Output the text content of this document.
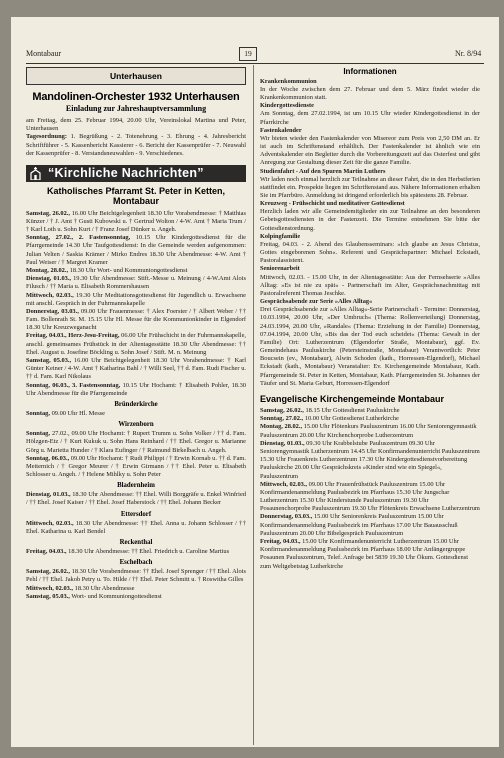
Montabaur	19	Nr. 8/94
Unterhausen
Mandolinen-Orchester 1932 Unterhausen
Einladung zur Jahreshauptversammlung

am Freitag, dem 25. Februar 1994, 20.00 Uhr, Vereinslokal Martina und Peter, Unterhausen
Tagesordnung: 1. Begrüßung - 2. Totenehrung - 3. Ehrung - 4. Jahresbericht Schriftführer - 5. Kassenbericht Kassierer - 6. Bericht der Kassenprüfer - 7. Neuwahl der Kassenprüfer - 8. Verstandsneuwahlen - 9. Verschiedenes.

“Kirchliche Nachrichten”
Katholisches Pfarramt St. Peter in Ketten, Montabaur

Samstag, 26.02., 16.00 Uhr Beichtgelegenheit 18.30 Uhr Vorabendmesse: † Matthias Künzer / † J. Amt † Gusti Kubowski u. † Gertrud Wolton / 4-W. Amt † Maria Trum / † Karl Loth u. Sohn Kurt / † Franz Josef Dünker u. Angeh.

Sonntag, 27.02., 2. Fastensonntag, 10.15 Uhr Kindergottesdienst für die Pfarrgemeinde 14.30 Uhr Taufgottesdienst: In die Gemeinde werden aufgenommen: Julian Velten / Saskia Krämer / Mirko Endres 18.30 Uhr Abendmesse: 4-W. Amt † Paul Weiser / † Margret Kramer

Montag, 28.02., 18.30 Uhr Wort- und Kommuniongottesdienst

Dienstag, 01.03., 19.30 Uhr Abendmesse: Stift.-Messe u. Meinung / 4-W.Amt Alois Filusch / †† Maria u. Elisabeth Rommershausen

Mittwoch, 02.03., 19.30 Uhr Meditationsgottesdienst für Jugendlich u. Erwachsene mit anschl. Gespräch in der Fuhrmannskapelle

Donnerstag, 03.03., 09.00 Uhr Frauenmesse: † Alex Foerster / † Albert Weber / †† Fam. Bollenrath St. M. 15.15 Uhr Hl. Messe für die Kommunionkinder in Elgendorf 18.30 Uhr Kreuzweganacht

Freitag, 04.03., Herz-Jesu-Freitag, 06.00 Uhr Frühschicht in der Fuhrmannskapelle, anschl. gemeinsames Frühstück in der Altentagesstätte 18.30 Uhr Abendmesse: †† Ehel. August u. Josefine Böckling u. Sohn Josef / Stift. M. n. Meinung

Samstag, 05.03., 16.00 Uhr Beichtgelegenheit 18.30 Uhr Vorabendmesse: † Karl Günter Keiner / 4-W. Amt † Katharina Bahl / † Willi Seel, †† d. Fam. Rudi Fischer u. †† d. Fam. Karl Nikolaus

Sonntag, 06.03., 3. Fastensonntag, 10.15 Uhr Hochamt: † Elisabeth Pohler, 18.30 Uhr Abendmesse für die Pfarrgemeinde

Bründerkirche

Sonntag, 09.00 Uhr Hl. Messe

Wirzenborn

Sonntag, 27.02., 09.00 Uhr Hochamt: † Rupert Trumm u. Sohn Volker / †† d. Fam. Hölzgen-Etz / † Kurt Kukuk u. Sohn Hans Reinhard / †† Ehel. Gregor u. Marianne Görg u. Marietta Hunder / † Klara Eufinger / † Raimund Birkelbach u. Angeh.

Sonntag, 06.03., 09.00 Uhr Hochamt: † Rudi Philippi / † Erwin Kornab u. †† d. Fam. Metternich / † Gregor Meurer / † Erwin Girmann / †† Ehel. Peter u. Elisabeth Schlosser u. Angeh. / † Helene Mihlky u. Sohn Peter

Bladernheim

Dienstag, 01.03., 18.30 Uhr Abendmesse: †† Ehel. Willi Borggräfe u. Enkel Winfried / †† Ehel. Josef Kaiser / †† Ehel. Josef Haberstock / †† Ehel. Johann Becker

Ettersdorf

Mittwoch, 02.03., 18.30 Uhr Abendmesse: †† Ehel. Anna u. Johann Schlosser / †† Ehel. Katharina u. Karl Bendel

Reckenthal

Freitag, 04.03., 18.30 Uhr Abendmesse: †† Ehel. Friedrich u. Caroline Martius

Eschelbach

Samstag, 26.02., 18.30 Uhr Vorabendmesse: †† Ehel. Josef Sprenger / †† Ehel. Alois Pehl / †† Ehel. Jakob Petry u. To. Hilde / †† Ehel. Peter Schmitt u. † Roswitha Gilles

Mittwoch, 02.03., 18.30 Uhr Abendmesse

Samstag, 05.03., Wort- und Kommuniongottesdienst

Informationen
Krankenkommunion

In der Woche zwischen dem 27. Februar und dem 5. März findet wieder die Krankenkommunion statt.

Kindergottesdienste

Am Sonntag, dem 27.02.1994, ist um 10.15 Uhr wieder Kindergottesdienst in der Pfarrkirche

Fastenkalender

Wir bieten wieder den Fastenkalender von Misereor zum Preis von 2,50 DM an. Er ist auch im Schriftenstand erhältlich. Der Fastenkalender ist ähnlich wie ein Adventskalender ein Begleiter durch die Vorbereitungszeit auf das Osterfest und gibt Anregung zur Gestaltung dieser Zeit für die ganze Familie.

Studienfahrt - Auf den Spuren Martin Luthers

Wir laden noch einmal herzlich zur Teilnahme an dieser Fahrt, die in den Herbstferien stattfindet ein. Prospekte liegen im Schriftenstand aus. Nähere Informationen erhalten Sie im Pfarrbüro. Anmeldung ist dringend erforderlich bis spätestens 28. Februar.

Kreuzweg - Frühschicht und meditativer Gottesdienst

Herzlich laden wir alle Gemeindemitglieder ein zur Teilnahme an den besonderen Gebetsgottesdiensten in der Fastenzeit. Die Termine entnehmen Sie bitte der Gottesdienstordnung.

Kolpingfamilie

Freitag, 04.03. - 2. Abend des Glaubensseminars: »Ich glaube an Jesus Christus, Gottes eingeborenen Sohn«. Referent und Gesprächspartner: Michael Eckstadt, Pastoralassistent.

Seniorenarbeit

Mittwoch, 02.03. - 15.00 Uhr, in der Altentagesstätte: Aus der Fernsehserie »Alles Alltag: »Es ist nie zu spät« - Partnerschaft im Alter, Gesprächsnachmittag mit Pastoralreferent Thomas Jeschke.

Gesprächsabende zur Serie »Alles Alltag«

Drei Gesprächsabende zur »Alles Alltag«-Serie Partnerschaft - Termine: Donnerstag, 10.03.1994, 20.00 Uhr, »Der Umbruch« (Thema: Rollenverteilung) Donnerstag, 24.03.1994, 20.00 Uhr, »Randale« (Thema: Erziehung in der Familie) Donnerstag, 07.04.1994, 20.00 Uhr, »Bis das der Tod euch scheidet« (Thema: Gewalt in der Familie) Ort: Lutherzentrum (Elgendorfer Straße, Montabaur), ggf. Ev. Gemeindehaus Pauluskirche (Petersteinstraße, Montabaur) Verantwortlich: Peter Boucsein (ev., Montabaur), Alwin Schoden (kath., Horressen-Elgendorf), Michael Eckstadt (kath., Montabaur) Veranstalter: Ev. Kirchengemeinde Montabaur, Kath. Pfarrgemeinde St. Peter in Ketten, Montabaur, Kath. Pfarrgemeinden St. Johannes der Täufer und St. Maria Geburt, Horressen-Elgendorf

Evangelische Kirchengemeinde Montabaur

Samstag, 26.02., 18.15 Uhr Gottesdienst Pauluskirche

Sonntag, 27.02., 10.00 Uhr Gottesdienst Lutherkirche

Montag, 28.02., 15.00 Uhr Flötenkurs Pauluszentrum 16.00 Uhr Seniorengymnastik Pauluszentrum 20.00 Uhr Kirchenchorprobe Lutherzentrum

Dienstag, 01.03., 09.30 Uhr Krabbelstube Pauluszentrum 09.30 Uhr Seniorengymnastik Lutherzentrum 14.45 Uhr Konfirmandenunterricht Pauluszentrum 15.30 Uhr Frauenkreis Lutherzentrum 17.30 Uhr Kindergottesdienstvorbereitung Pauluskirche 20.00 Uhr Gesprächskreis »Kinder sind wie ein Spiegel«, Pauluszentrum

Mittwoch, 02.03., 09.00 Uhr Frauenfrühstück Pauluszentrum 15.00 Uhr Konfirmandenanmeldung Paulusbezirk im Pfarrhaus 15.30 Uhr Jungschar Lutherzentrum 15.30 Uhr Kinderstunde Pauluszentrum 19.30 Uhr Posaunenchorprobe Pauluszentrum 19.30 Uhr Flötenkreis Erwachsene Lutherzentrum

Donnerstag, 03.03., 15.00 Uhr Seniorenkreis Pauluszentrum 15.00 Uhr Konfirmandenanmeldung Paulusbezirk im Pfarrhaus 17.00 Uhr Bauausschuß Pauluszentrum 20.00 Uhr Bibelgespräch Pauluszentrum

Freitag, 04.03., 15.00 Uhr Konfirmandenunterricht Lutherzentrum 15.00 Uhr Konfirmandenanmeldung Paulusbezirk im Pfarrhaus 18.00 Uhr Anfängergruppe Posaunen Pauluszentrum, Telef. Anfrage bei 5839 19.30 Uhr Ökum. Gottesdienst zum Weltgebetstag Lutherkirche
